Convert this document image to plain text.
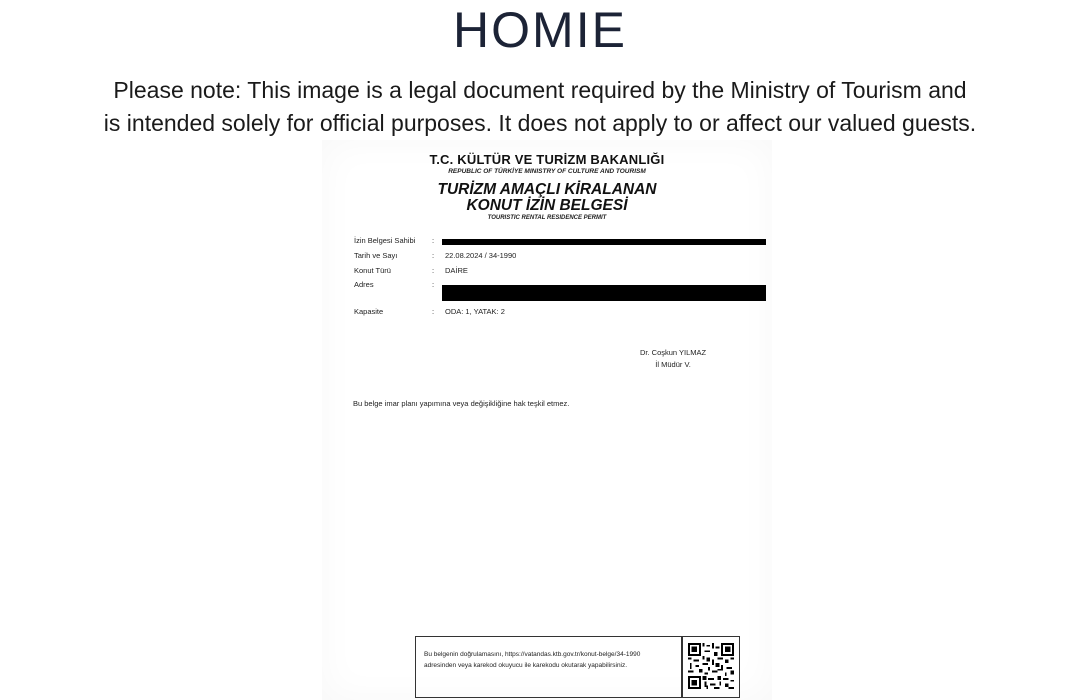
HOMIE
Please note: This image is a legal document required by the Ministry of Tourism and
is intended solely for official purposes. It does not apply to or affect our valued guests.
T.C. KÜLTÜR VE TURİZM BAKANLIĞI
REPUBLIC OF TÜRKİYE MINISTRY OF CULTURE AND TOURISM
TURİZM AMAÇLI KİRALANAN
KONUT İZİN BELGESİ
TOURISTIC RENTAL RESIDENCE PERMIT
İzin Belgesi Sahibi	:
Tarih ve Sayı	: 22.08.2024 / 34-1990
Konut Türü	: DAİRE
Adres	:
Kapasite	: ODA: 1, YATAK: 2
Dr. Coşkun YILMAZ
İl Müdür V.
Bu belge imar planı yapımına veya değişikliğine hak teşkil etmez.
Bu belgenin doğrulamasını, https://vatandas.ktb.gov.tr/konut-belge/34-1990
adresinden veya karekod okuyucu ile karekodu okutarak yapabilirsiniz.
